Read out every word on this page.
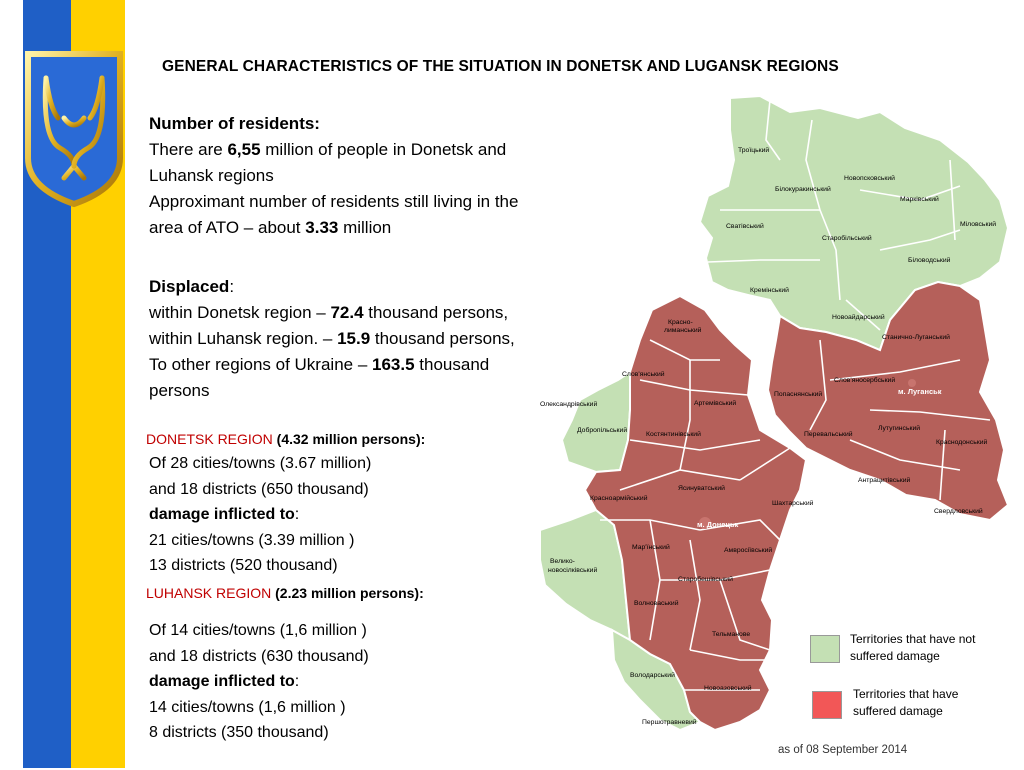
GENERAL CHARACTERISTICS OF THE SITUATION IN DONETSK AND LUGANSK REGIONS

Number of residents:

There are 6,55 million of people in Donetsk and

Luhansk regions

Approximant number of residents still living in the

area of ATO – about 3.33 million

Displaced:

within Donetsk region – 72.4 thousand persons,

within Luhansk region. – 15.9 thousand persons,

To other regions of Ukraine – 163.5 thousand

persons

DONETSK REGION (4.32 million persons):

Of 28 cities/towns (3.67 million)

and 18 districts (650 thousand)

damage inflicted to:

21 cities/towns (3.39 million )

13 districts (520 thousand)

LUHANSK REGION (2.23 million persons):

Of 14 cities/towns (1,6 million )

and 18 districts (630 thousand)

damage inflicted to:

14 cities/towns (1,6 million )

8 districts (350 thousand)

Троїцький
Новопсковський
Білокуракинський
Марківський
Сватівський	Міловський
Старобільський
Біловодський
Кремінський
Новоайдарський
Станично-Луганський
Красно-
лиманський
Слов'янський
Попаснянський
Слов'яносербський
м. Луганськ
Олександрівський	Артемівський
Добропільський
Костянтинівський	Перевальський
Лутугинський
Краснодонський
Антрацитівський
Красноармійський
Ясинуватський
Шахтарський
Свердловський
м. Донецьк
Велико-
новосілківський
Мар'їнський	Амвросіївський
Старобешівський
Волноваський
Тельманове
Володарський
Новоазовський
Першотравневий
Territories that have not
suffered damage
Territories that have
suffered damage
as of 08 September 2014
